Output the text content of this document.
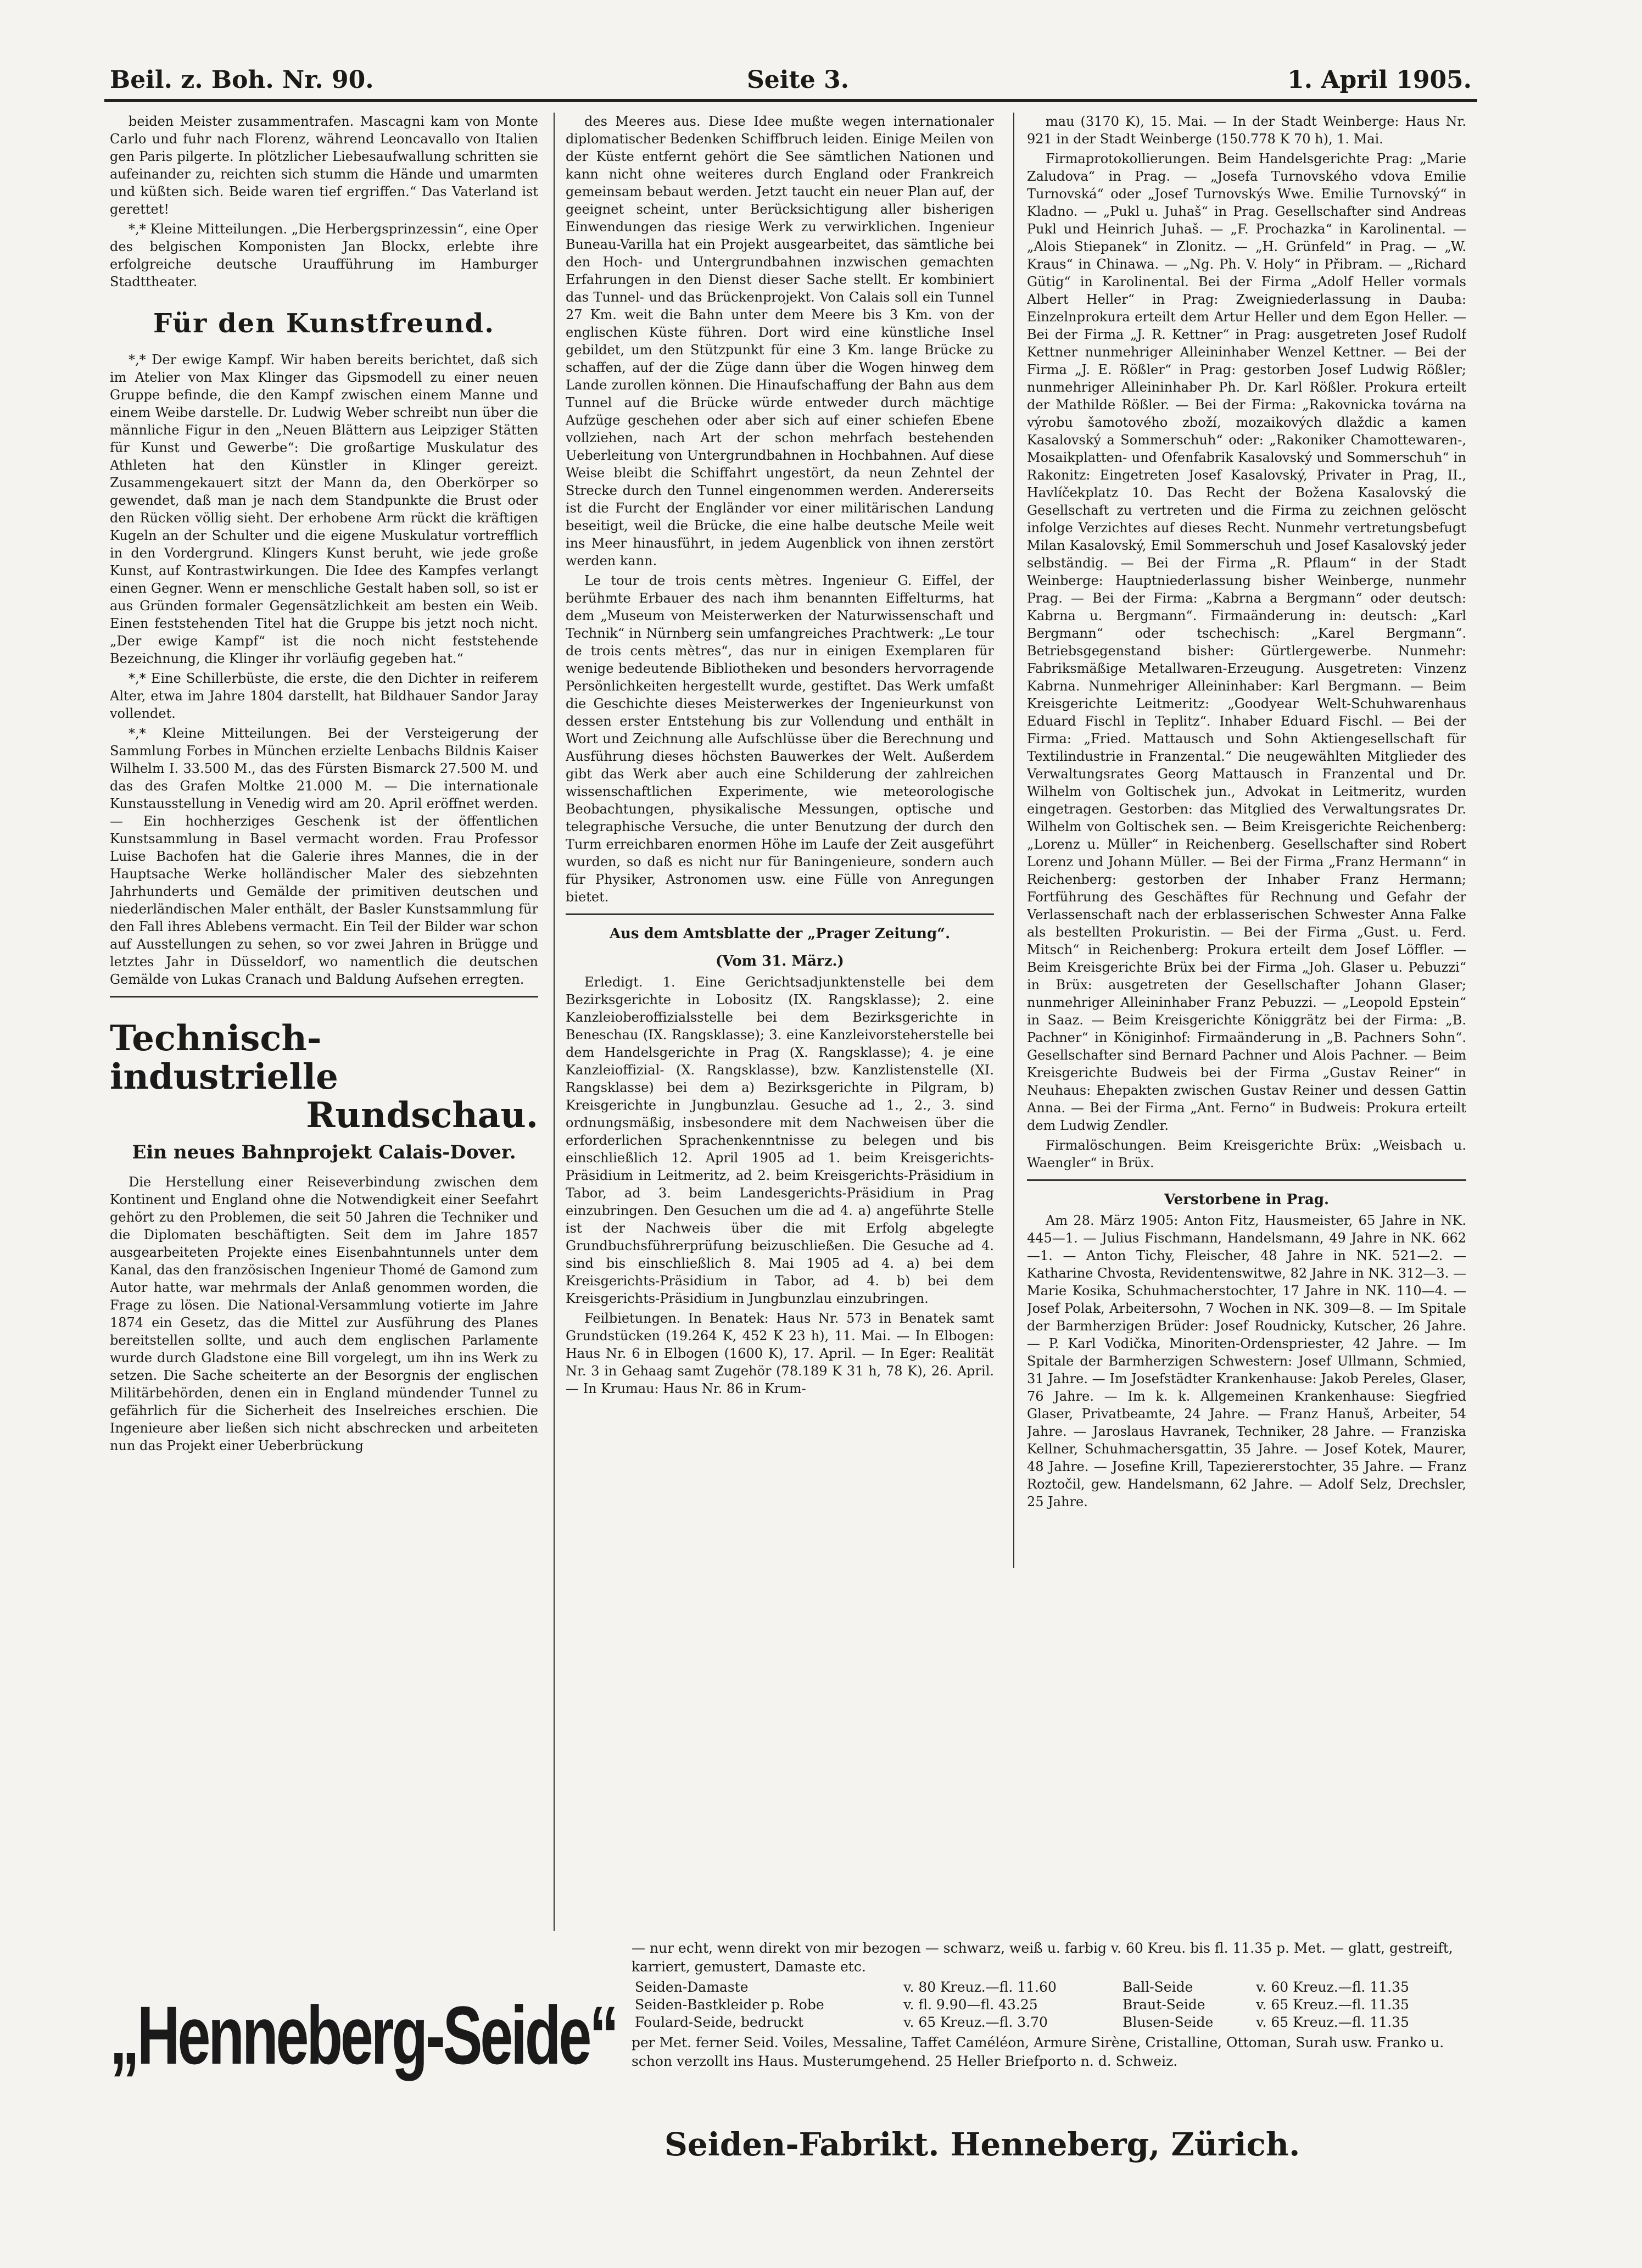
Beil. z. Boh. Nr. 90.	Seite 3.	1. April 1905.

beiden Meister zusammentrafen. Mascagni kam von Monte Carlo und fuhr nach Florenz, während Leoncavallo von Italien gen Paris pilgerte. In plötzlicher Liebesaufwallung schritten sie aufeinander zu, reichten sich stumm die Hände und umarmten und küßten sich. Beide waren tief ergriffen.“ Das Vaterland ist gerettet!

*,* Kleine Mitteilungen. „Die Herbergsprinzessin“, eine Oper des belgischen Komponisten Jan Blockx, erlebte ihre erfolgreiche deutsche Uraufführung im Hamburger Stadttheater.

Für den Kunstfreund.

*,* Der ewige Kampf. Wir haben bereits berichtet, daß sich im Atelier von Max Klinger das Gipsmodell zu einer neuen Gruppe befinde, die den Kampf zwischen einem Manne und einem Weibe darstelle. Dr. Ludwig Weber schreibt nun über die männliche Figur in den „Neuen Blättern aus Leipziger Stätten für Kunst und Gewerbe“: Die großartige Muskulatur des Athleten hat den Künstler in Klinger gereizt. Zusammengekauert sitzt der Mann da, den Oberkörper so gewendet, daß man je nach dem Standpunkte die Brust oder den Rücken völlig sieht. Der erhobene Arm rückt die kräftigen Kugeln an der Schulter und die eigene Muskulatur vortrefflich in den Vordergrund. Klingers Kunst beruht, wie jede große Kunst, auf Kontrastwirkungen. Die Idee des Kampfes verlangt einen Gegner. Wenn er menschliche Gestalt haben soll, so ist er aus Gründen formaler Gegensätzlichkeit am besten ein Weib. Einen feststehenden Titel hat die Gruppe bis jetzt noch nicht. „Der ewige Kampf“ ist die noch nicht feststehende Bezeichnung, die Klinger ihr vorläufig gegeben hat.“

*,* Eine Schillerbüste, die erste, die den Dichter in reiferem Alter, etwa im Jahre 1804 darstellt, hat Bildhauer Sandor Jaray vollendet.

*,* Kleine Mitteilungen. Bei der Versteigerung der Sammlung Forbes in München erzielte Lenbachs Bildnis Kaiser Wilhelm I. 33.500 M., das des Fürsten Bismarck 27.500 M. und das des Grafen Moltke 21.000 M. — Die internationale Kunstausstellung in Venedig wird am 20. April eröffnet werden. — Ein hochherziges Geschenk ist der öffentlichen Kunstsammlung in Basel vermacht worden. Frau Professor Luise Bachofen hat die Galerie ihres Mannes, die in der Hauptsache Werke holländischer Maler des siebzehnten Jahrhunderts und Gemälde der primitiven deutschen und niederländischen Maler enthält, der Basler Kunstsammlung für den Fall ihres Ablebens vermacht. Ein Teil der Bilder war schon auf Ausstellungen zu sehen, so vor zwei Jahren in Brügge und letztes Jahr in Düsseldorf, wo namentlich die deutschen Gemälde von Lukas Cranach und Baldung Aufsehen erregten.

Technisch-industrielle
Rundschau.
Ein neues Bahnprojekt Calais-Dover.

Die Herstellung einer Reiseverbindung zwischen dem Kontinent und England ohne die Notwendigkeit einer Seefahrt gehört zu den Problemen, die seit 50 Jahren die Techniker und die Diplomaten beschäftigten. Seit dem im Jahre 1857 ausgearbeiteten Projekte eines Eisenbahntunnels unter dem Kanal, das den französischen Ingenieur Thomé de Gamond zum Autor hatte, war mehrmals der Anlaß genommen worden, die Frage zu lösen. Die National-Versammlung votierte im Jahre 1874 ein Gesetz, das die Mittel zur Ausführung des Planes bereitstellen sollte, und auch dem englischen Parlamente wurde durch Gladstone eine Bill vorgelegt, um ihn ins Werk zu setzen. Die Sache scheiterte an der Besorgnis der englischen Militärbehörden, denen ein in England mündender Tunnel zu gefährlich für die Sicherheit des Inselreiches erschien. Die Ingenieure aber ließen sich nicht abschrecken und arbeiteten nun das Projekt einer Ueberbrückung

des Meeres aus. Diese Idee mußte wegen internationaler diplomatischer Bedenken Schiffbruch leiden. Einige Meilen von der Küste entfernt gehört die See sämtlichen Nationen und kann nicht ohne weiteres durch England oder Frankreich gemeinsam bebaut werden. Jetzt taucht ein neuer Plan auf, der geeignet scheint, unter Berücksichtigung aller bisherigen Einwendungen das riesige Werk zu verwirklichen. Ingenieur Buneau-Varilla hat ein Projekt ausgearbeitet, das sämtliche bei den Hoch- und Untergrundbahnen inzwischen gemachten Erfahrungen in den Dienst dieser Sache stellt. Er kombiniert das Tunnel- und das Brückenprojekt. Von Calais soll ein Tunnel 27 Km. weit die Bahn unter dem Meere bis 3 Km. von der englischen Küste führen. Dort wird eine künstliche Insel gebildet, um den Stützpunkt für eine 3 Km. lange Brücke zu schaffen, auf der die Züge dann über die Wogen hinweg dem Lande zurollen können. Die Hinaufschaffung der Bahn aus dem Tunnel auf die Brücke würde entweder durch mächtige Aufzüge geschehen oder aber sich auf einer schiefen Ebene vollziehen, nach Art der schon mehrfach bestehenden Ueberleitung von Untergrundbahnen in Hochbahnen. Auf diese Weise bleibt die Schiffahrt ungestört, da neun Zehntel der Strecke durch den Tunnel eingenommen werden. Andererseits ist die Furcht der Engländer vor einer militärischen Landung beseitigt, weil die Brücke, die eine halbe deutsche Meile weit ins Meer hinausführt, in jedem Augenblick von ihnen zerstört werden kann.

Le tour de trois cents mètres. Ingenieur G. Eiffel, der berühmte Erbauer des nach ihm benannten Eiffelturms, hat dem „Museum von Meisterwerken der Naturwissenschaft und Technik“ in Nürnberg sein umfangreiches Prachtwerk: „Le tour de trois cents mètres“, das nur in einigen Exemplaren für wenige bedeutende Bibliotheken und besonders hervorragende Persönlichkeiten hergestellt wurde, gestiftet. Das Werk umfaßt die Geschichte dieses Meisterwerkes der Ingenieurkunst von dessen erster Entstehung bis zur Vollendung und enthält in Wort und Zeichnung alle Aufschlüsse über die Berechnung und Ausführung dieses höchsten Bauwerkes der Welt. Außerdem gibt das Werk aber auch eine Schilderung der zahlreichen wissenschaftlichen Experimente, wie meteorologische Beobachtungen, physikalische Messungen, optische und telegraphische Versuche, die unter Benutzung der durch den Turm erreichbaren enormen Höhe im Laufe der Zeit ausgeführt wurden, so daß es nicht nur für Baningenieure, sondern auch für Physiker, Astronomen usw. eine Fülle von Anregungen bietet.

Aus dem Amtsblatte der „Prager Zeitung“.
(Vom 31. März.)

Erledigt. 1. Eine Gerichtsadjunktenstelle bei dem Bezirksgerichte in Lobositz (IX. Rangsklasse); 2. eine Kanzleioberoffizialsstelle bei dem Bezirksgerichte in Beneschau (IX. Rangsklasse); 3. eine Kanzleivorsteherstelle bei dem Handelsgerichte in Prag (X. Rangsklasse); 4. je eine Kanzleioffizial- (X. Rangsklasse), bzw. Kanzlistenstelle (XI. Rangsklasse) bei dem a) Bezirksgerichte in Pilgram, b) Kreisgerichte in Jungbunzlau. Gesuche ad 1., 2., 3. sind ordnungsmäßig, insbesondere mit dem Nachweisen über die erforderlichen Sprachenkenntnisse zu belegen und bis einschließlich 12. April 1905 ad 1. beim Kreisgerichts-Präsidium in Leitmeritz, ad 2. beim Kreisgerichts-Präsidium in Tabor, ad 3. beim Landesgerichts-Präsidium in Prag einzubringen. Den Gesuchen um die ad 4. a) angeführte Stelle ist der Nachweis über die mit Erfolg abgelegte Grundbuchsführerprüfung beizuschließen. Die Gesuche ad 4. sind bis einschließlich 8. Mai 1905 ad 4. a) bei dem Kreisgerichts-Präsidium in Tabor, ad 4. b) bei dem Kreisgerichts-Präsidium in Jungbunzlau einzubringen.

Feilbietungen. In Benatek: Haus Nr. 573 in Benatek samt Grundstücken (19.264 K, 452 K 23 h), 11. Mai. — In Elbogen: Haus Nr. 6 in Elbogen (1600 K), 17. April. — In Eger: Realität Nr. 3 in Gehaag samt Zugehör (78.189 K 31 h, 78 K), 26. April. — In Krumau: Haus Nr. 86 in Krum-

mau (3170 K), 15. Mai. — In der Stadt Weinberge: Haus Nr. 921 in der Stadt Weinberge (150.778 K 70 h), 1. Mai.

Firmaprotokollierungen. Beim Handelsgerichte Prag: „Marie Zaludova“ in Prag. — „Josefa Turnovského vdova Emilie Turnovská“ oder „Josef Turnovskýs Wwe. Emilie Turnovský“ in Kladno. — „Pukl u. Juhaš“ in Prag. Gesellschafter sind Andreas Pukl und Heinrich Juhaš. — „F. Prochazka“ in Karolinental. — „Alois Stiepanek“ in Zlonitz. — „H. Grünfeld“ in Prag. — „W. Kraus“ in Chinawa. — „Ng. Ph. V. Holy“ in Přibram. — „Richard Gütig“ in Karolinental. Bei der Firma „Adolf Heller vormals Albert Heller“ in Prag: Zweigniederlassung in Dauba: Einzelnprokura erteilt dem Artur Heller und dem Egon Heller. — Bei der Firma „J. R. Kettner“ in Prag: ausgetreten Josef Rudolf Kettner nunmehriger Alleininhaber Wenzel Kettner. — Bei der Firma „J. E. Rößler“ in Prag: gestorben Josef Ludwig Rößler; nunmehriger Alleininhaber Ph. Dr. Karl Rößler. Prokura erteilt der Mathilde Rößler. — Bei der Firma: „Rakovnicka továrna na výrobu šamotového zboží, mozaikových dlaždic a kamen Kasalovský a Sommerschuh“ oder: „Rakoniker Chamottewaren-, Mosaikplatten- und Ofenfabrik Kasalovský und Sommerschuh“ in Rakonitz: Eingetreten Josef Kasalovský, Privater in Prag, II., Havlíčekplatz 10. Das Recht der Božena Kasalovský die Gesellschaft zu vertreten und die Firma zu zeichnen gelöscht infolge Verzichtes auf dieses Recht. Nunmehr vertretungsbefugt Milan Kasalovský, Emil Sommerschuh und Josef Kasalovský jeder selbständig. — Bei der Firma „R. Pflaum“ in der Stadt Weinberge: Hauptniederlassung bisher Weinberge, nunmehr Prag. — Bei der Firma: „Kabrna a Bergmann“ oder deutsch: Kabrna u. Bergmann“. Firmaänderung in: deutsch: „Karl Bergmann“ oder tschechisch: „Karel Bergmann“. Betriebsgegenstand bisher: Gürtlergewerbe. Nunmehr: Fabriksmäßige Metallwaren-Erzeugung. Ausgetreten: Vinzenz Kabrna. Nunmehriger Alleininhaber: Karl Bergmann. — Beim Kreisgerichte Leitmeritz: „Goodyear Welt-Schuhwarenhaus Eduard Fischl in Teplitz“. Inhaber Eduard Fischl. — Bei der Firma: „Fried. Mattausch und Sohn Aktiengesellschaft für Textilindustrie in Franzental.“ Die neugewählten Mitglieder des Verwaltungsrates Georg Mattausch in Franzental und Dr. Wilhelm von Goltischek jun., Advokat in Leitmeritz, wurden eingetragen. Gestorben: das Mitglied des Verwaltungsrates Dr. Wilhelm von Goltischek sen. — Beim Kreisgerichte Reichenberg: „Lorenz u. Müller“ in Reichenberg. Gesellschafter sind Robert Lorenz und Johann Müller. — Bei der Firma „Franz Hermann“ in Reichenberg: gestorben der Inhaber Franz Hermann; Fortführung des Geschäftes für Rechnung und Gefahr der Verlassenschaft nach der erblasserischen Schwester Anna Falke als bestellten Prokuristin. — Bei der Firma „Gust. u. Ferd. Mitsch“ in Reichenberg: Prokura erteilt dem Josef Löffler. — Beim Kreisgerichte Brüx bei der Firma „Joh. Glaser u. Pebuzzi“ in Brüx: ausgetreten der Gesellschafter Johann Glaser; nunmehriger Alleininhaber Franz Pebuzzi. — „Leopold Epstein“ in Saaz. — Beim Kreisgerichte Königgrätz bei der Firma: „B. Pachner“ in Königinhof: Firmaänderung in „B. Pachners Sohn“. Gesellschafter sind Bernard Pachner und Alois Pachner. — Beim Kreisgerichte Budweis bei der Firma „Gustav Reiner“ in Neuhaus: Ehepakten zwischen Gustav Reiner und dessen Gattin Anna. — Bei der Firma „Ant. Ferno“ in Budweis: Prokura erteilt dem Ludwig Zendler.

Firmalöschungen. Beim Kreisgerichte Brüx: „Weisbach u. Waengler“ in Brüx.

Verstorbene in Prag.

Am 28. März 1905: Anton Fitz, Hausmeister, 65 Jahre in NK. 445—1. — Julius Fischmann, Handelsmann, 49 Jahre in NK. 662—1. — Anton Tichy, Fleischer, 48 Jahre in NK. 521—2. — Katharine Chvosta, Revidentenswitwe, 82 Jahre in NK. 312—3. — Marie Kosika, Schuhmacherstochter, 17 Jahre in NK. 110—4. — Josef Polak, Arbeitersohn, 7 Wochen in NK. 309—8. — Im Spitale der Barmherzigen Brüder: Josef Roudnicky, Kutscher, 26 Jahre. — P. Karl Vodička, Minoriten-Ordenspriester, 42 Jahre. — Im Spitale der Barmherzigen Schwestern: Josef Ullmann, Schmied, 31 Jahre. — Im Josefstädter Krankenhause: Jakob Pereles, Glaser, 76 Jahre. — Im k. k. Allgemeinen Krankenhause: Siegfried Glaser, Privatbeamte, 24 Jahre. — Franz Hanuš, Arbeiter, 54 Jahre. — Jaroslaus Havranek, Techniker, 28 Jahre. — Franziska Kellner, Schuhmachersgattin, 35 Jahre. — Josef Kotek, Maurer, 48 Jahre. — Josefine Krill, Tapeziererstochter, 35 Jahre. — Franz Roztočil, gew. Handelsmann, 62 Jahre. — Adolf Selz, Drechsler, 25 Jahre.

„Henneberg-Seide“

— nur echt, wenn direkt von mir bezogen — schwarz, weiß u. farbig v. 60 Kreu. bis fl. 11.35 p. Met. — glatt, gestreift, karriert, gemustert, Damaste etc.

Seiden-Damaste	v. 80 Kreuz.—fl. 11.60	Ball-Seide	v. 60 Kreuz.—fl. 11.35
Seiden-Bastkleider p. Robe	v. fl. 9.90—fl. 43.25	Braut-Seide	v. 65 Kreuz.—fl. 11.35
Foulard-Seide, bedruckt	v. 65 Kreuz.—fl. 3.70	Blusen-Seide	v. 65 Kreuz.—fl. 11.35

per Met. ferner Seid. Voiles, Messaline, Taffet Caméléon, Armure Sirène, Cristalline, Ottoman, Surah usw. Franko u. schon verzollt ins Haus. Musterumgehend. 25 Heller Briefporto n. d. Schweiz.

Seiden-Fabrikt. Henneberg, Zürich.
